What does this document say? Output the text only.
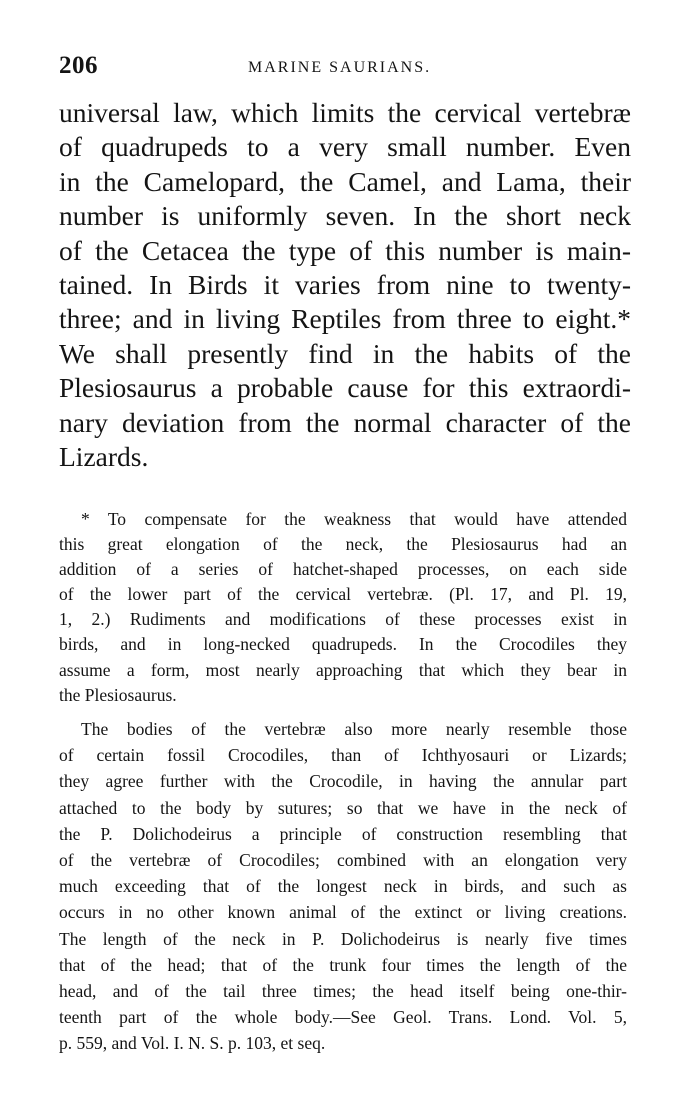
206	MARINE SAURIANS.
universal law, which limits the cervical vertebræ
of quadrupeds to a very small number. Even
in the Camelopard, the Camel, and Lama, their
number is uniformly seven. In the short neck
of the Cetacea the type of this number is main-
tained. In Birds it varies from nine to twenty-
three; and in living Reptiles from three to eight.*
We shall presently find in the habits of the
Plesiosaurus a probable cause for this extraordi-
nary deviation from the normal character of the
Lizards.
* To compensate for the weakness that would have attended
this great elongation of the neck, the Plesiosaurus had an
addition of a series of hatchet-shaped processes, on each side
of the lower part of the cervical vertebræ. (Pl. 17, and Pl. 19,
1, 2.) Rudiments and modifications of these processes exist in
birds, and in long-necked quadrupeds. In the Crocodiles they
assume a form, most nearly approaching that which they bear in
the Plesiosaurus.
The bodies of the vertebræ also more nearly resemble those
of certain fossil Crocodiles, than of Ichthyosauri or Lizards;
they agree further with the Crocodile, in having the annular part
attached to the body by sutures; so that we have in the neck of
the P. Dolichodeirus a principle of construction resembling that
of the vertebræ of Crocodiles; combined with an elongation very
much exceeding that of the longest neck in birds, and such as
occurs in no other known animal of the extinct or living creations.
The length of the neck in P. Dolichodeirus is nearly five times
that of the head; that of the trunk four times the length of the
head, and of the tail three times; the head itself being one-thir-
teenth part of the whole body.—See Geol. Trans. Lond. Vol. 5,
p. 559, and Vol. I. N. S. p. 103, et seq.
